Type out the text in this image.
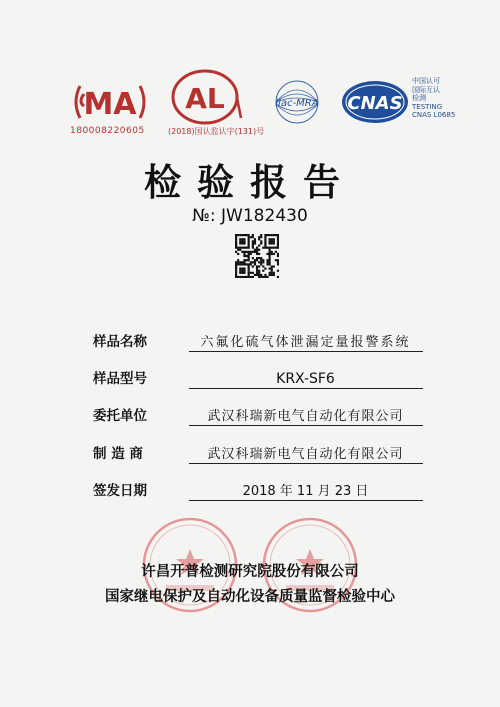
MA
180008220605
AL
(2018)国认监认字(131)号
ilac-MRA CNAS
中国认可
国际互认
检测
TESTING
CNAS L0685
检验报告
№: JW182430
样品名称	六氟化硫气体泄漏定量报警系统
样品型号	KRX-SF6
委托单位	武汉科瑞新电气自动化有限公司
制 造 商	武汉科瑞新电气自动化有限公司
签发日期	2018 年 11 月 23 日
许昌开普检测研究院股份有限公司
国家继电保护及自动化设备质量监督检验中心
